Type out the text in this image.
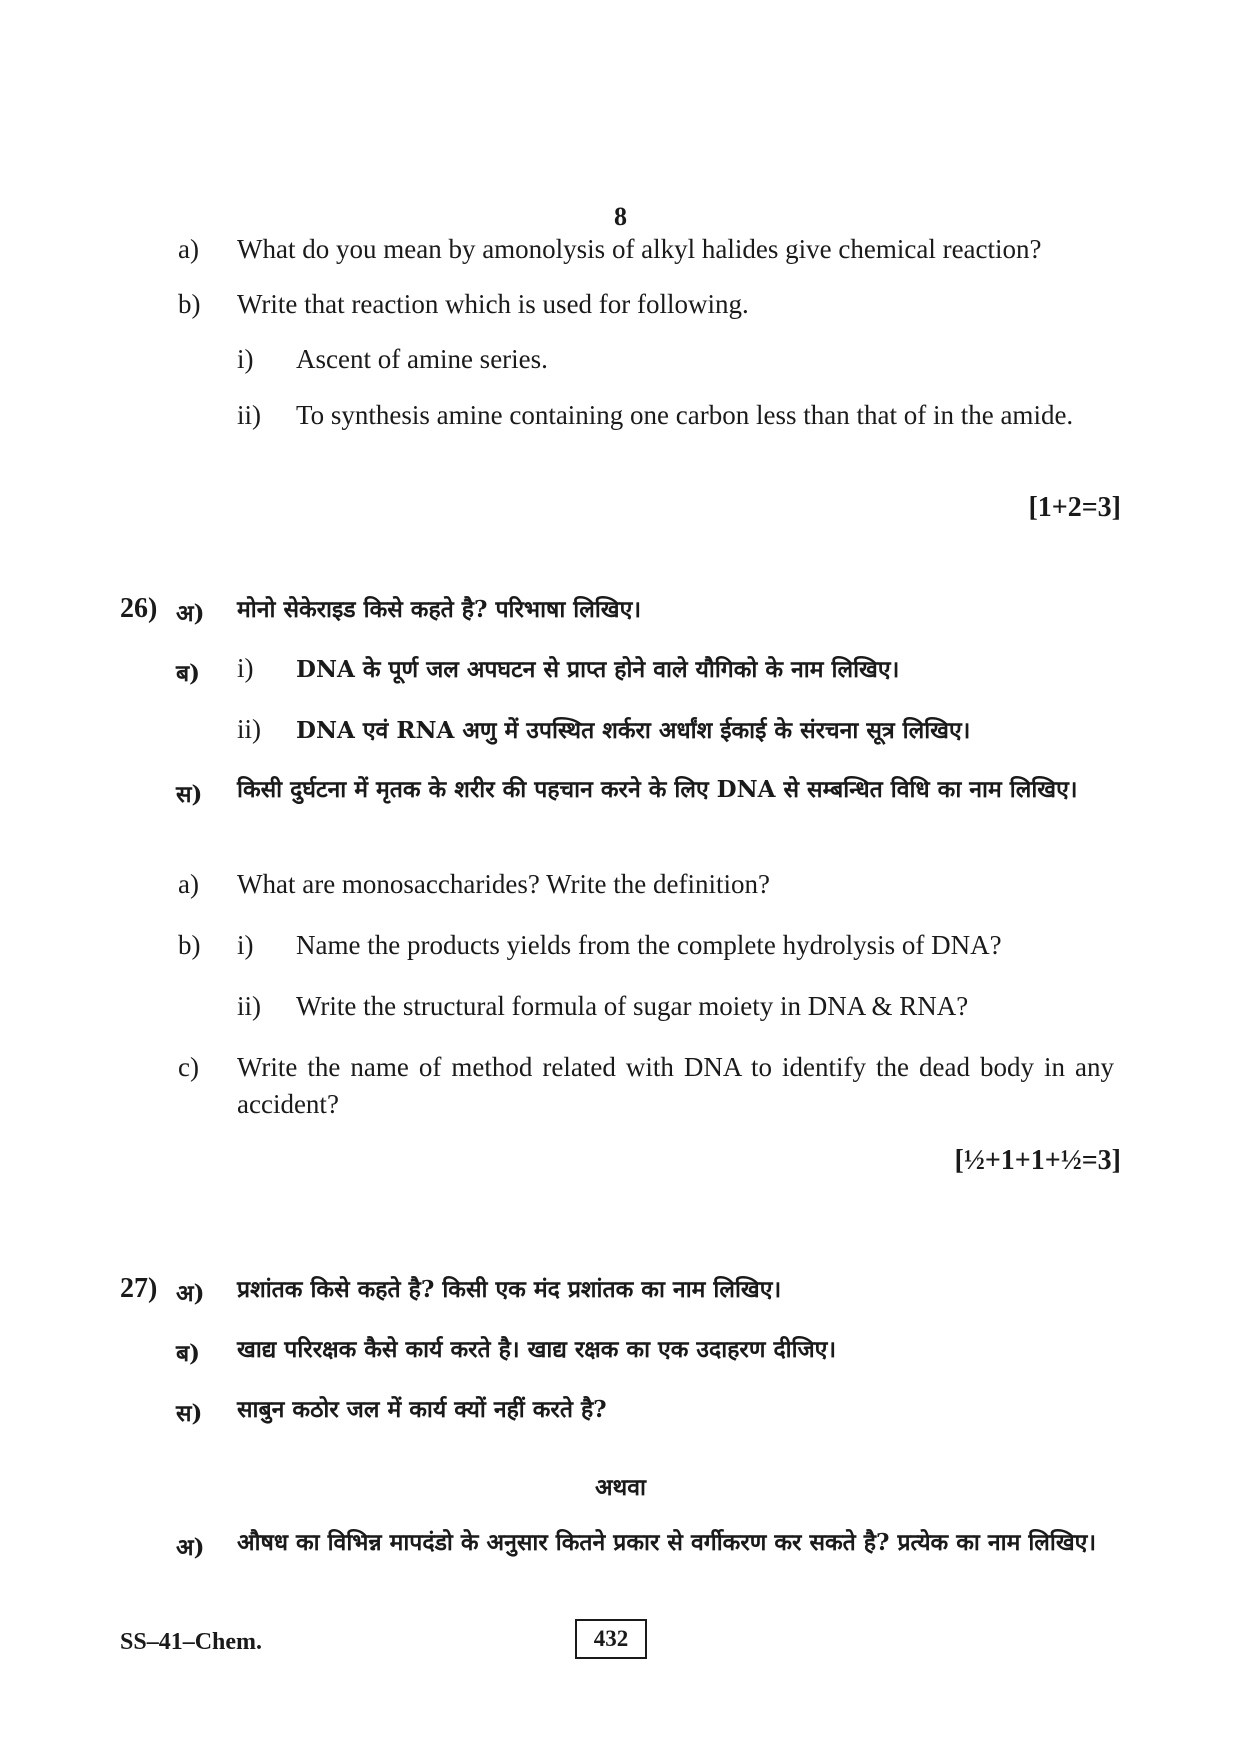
8
a) What do you mean by amonolysis of alkyl halides give chemical reaction?
b) Write that reaction which is used for following.
i) Ascent of amine series.
ii) To synthesis amine containing one carbon less than that of in the amide.
[1+2=3]
26) अ) मोनो सेकेराइड किसे कहते है? परिभाषा लिखिए।
ब) i) DNA के पूर्ण जल अपघटन से प्राप्त होने वाले यौगिको के नाम लिखिए।
ii) DNA एवं RNA अणु में उपस्थित शर्करा अर्धांश ईकाई के संरचना सूत्र लिखिए।
स) किसी दुर्घटना में मृतक के शरीर की पहचान करने के लिए DNA से सम्बन्धित विधि का नाम लिखिए।
a) What are monosaccharides? Write the definition?
b) i) Name the products yields from the complete hydrolysis of DNA?
ii) Write the structural formula of sugar moiety in DNA & RNA?
c) Write the name of method related with DNA to identify the dead body in any accident?
[½+1+1+½=3]
27) अ) प्रशांतक किसे कहते है? किसी एक मंद प्रशांतक का नाम लिखिए।
ब) खाद्य परिरक्षक कैसे कार्य करते है। खाद्य रक्षक का एक उदाहरण दीजिए।
स) साबुन कठोर जल में कार्य क्यों नहीं करते है?
अथवा
अ) औषध का विभिन्न मापदंडो के अनुसार कितने प्रकार से वर्गीकरण कर सकते है? प्रत्येक का नाम लिखिए।
SS–41–Chem.	432
